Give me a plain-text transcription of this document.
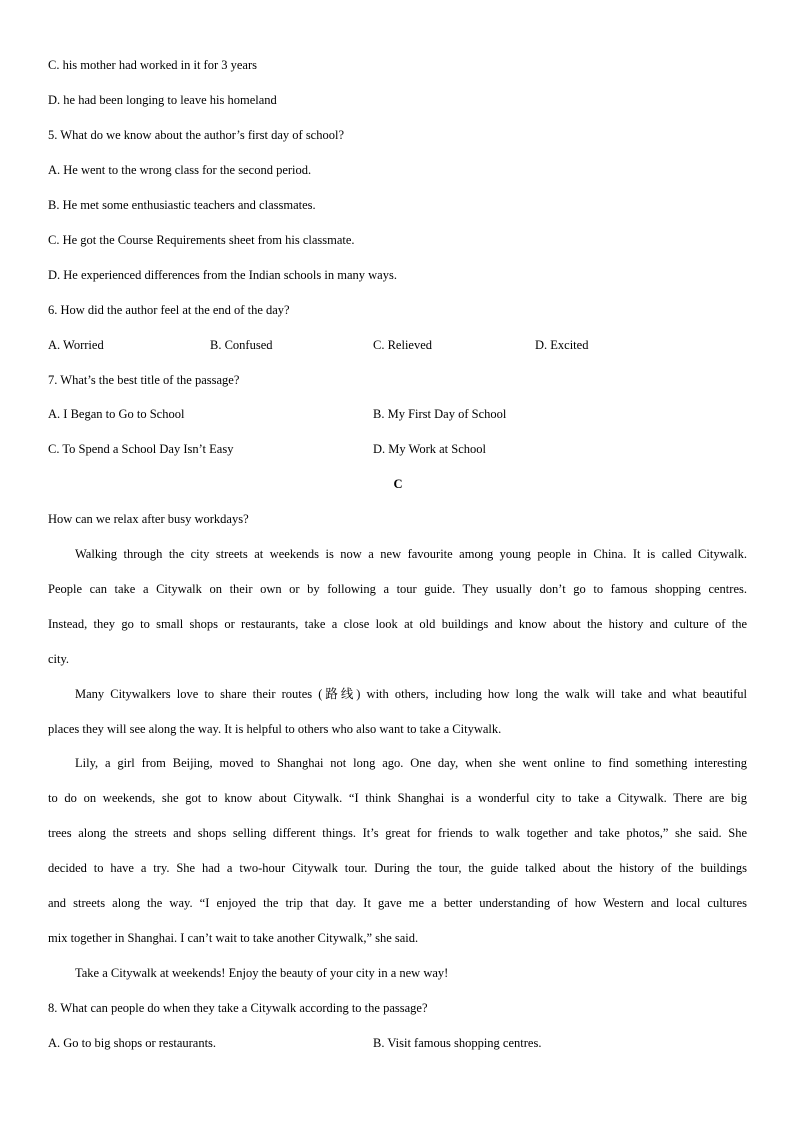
C. his mother had worked in it for 3 years
D. he had been longing to leave his homeland
5. What do we know about the author’s first day of school?
A. He went to the wrong class for the second period.
B. He met some enthusiastic teachers and classmates.
C. He got the Course Requirements sheet from his classmate.
D. He experienced differences from the Indian schools in many ways.
6. How did the author feel at the end of the day?
A. Worried	B. Confused	C. Relieved	D. Excited
7. What’s the best title of the passage?
A. I Began to Go to School	B. My First Day of School
C. To Spend a School Day Isn’t Easy	D. My Work at School
C
How can we relax after busy workdays?
Walking through the city streets at weekends is now a new favourite among young people in China. It is called Citywalk.
People can take a Citywalk on their own or by following a tour guide. They usually don’t go to famous shopping centres.
Instead, they go to small shops or restaurants, take a close look at old buildings and know about the history and culture of the
city.
Many Citywalkers love to share their routes (路线) with others, including how long the walk will take and what beautiful
places they will see along the way. It is helpful to others who also want to take a Citywalk.
Lily, a girl from Beijing, moved to Shanghai not long ago. One day, when she went online to find something interesting
to do on weekends, she got to know about Citywalk. “I think Shanghai is a wonderful city to take a Citywalk. There are big
trees along the streets and shops selling different things. It’s great for friends to walk together and take photos,” she said. She
decided to have a try. She had a two-hour Citywalk tour. During the tour, the guide talked about the history of the buildings
and streets along the way. “I enjoyed the trip that day. It gave me a better understanding of how Western and local cultures
mix together in Shanghai. I can’t wait to take another Citywalk,” she said.
Take a Citywalk at weekends! Enjoy the beauty of your city in a new way!
8. What can people do when they take a Citywalk according to the passage?
A. Go to big shops or restaurants.	B. Visit famous shopping centres.
